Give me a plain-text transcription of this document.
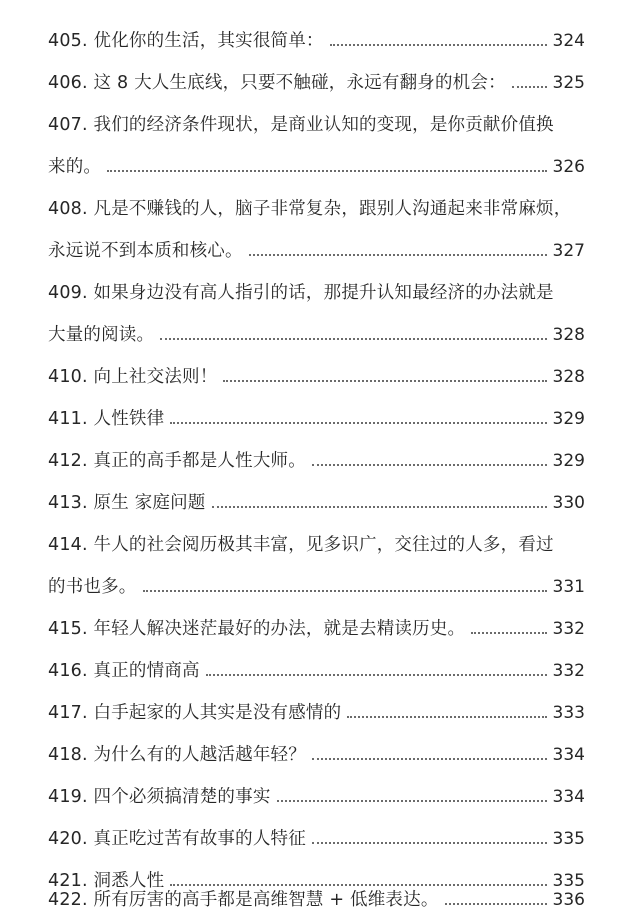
405. 优化你的生活，其实很简单：	324
406. 这 8 大人生底线，只要不触碰，永远有翻身的机会：	325
407. 我们的经济条件现状，是商业认知的变现，是你贡献价值换
来的。	326
408. 凡是不赚钱的人，脑子非常复杂，跟别人沟通起来非常麻烦，
永远说不到本质和核心。	327
409. 如果身边没有高人指引的话，那提升认知最经济的办法就是
大量的阅读。	328
410. 向上社交法则！	328
411. 人性铁律	329
412. 真正的高手都是人性大师。	329
413. 原生 家庭问题	330
414. 牛人的社会阅历极其丰富，见多识广，交往过的人多，看过
的书也多。	331
415. 年轻人解决迷茫最好的办法，就是去精读历史。	332
416. 真正的情商高	332
417. 白手起家的人其实是没有感情的	333
418. 为什么有的人越活越年轻？	334
419. 四个必须搞清楚的事实	334
420. 真正吃过苦有故事的人特征	335
421. 洞悉人性	335
422. 所有厉害的高手都是高维智慧 + 低维表达。	336
